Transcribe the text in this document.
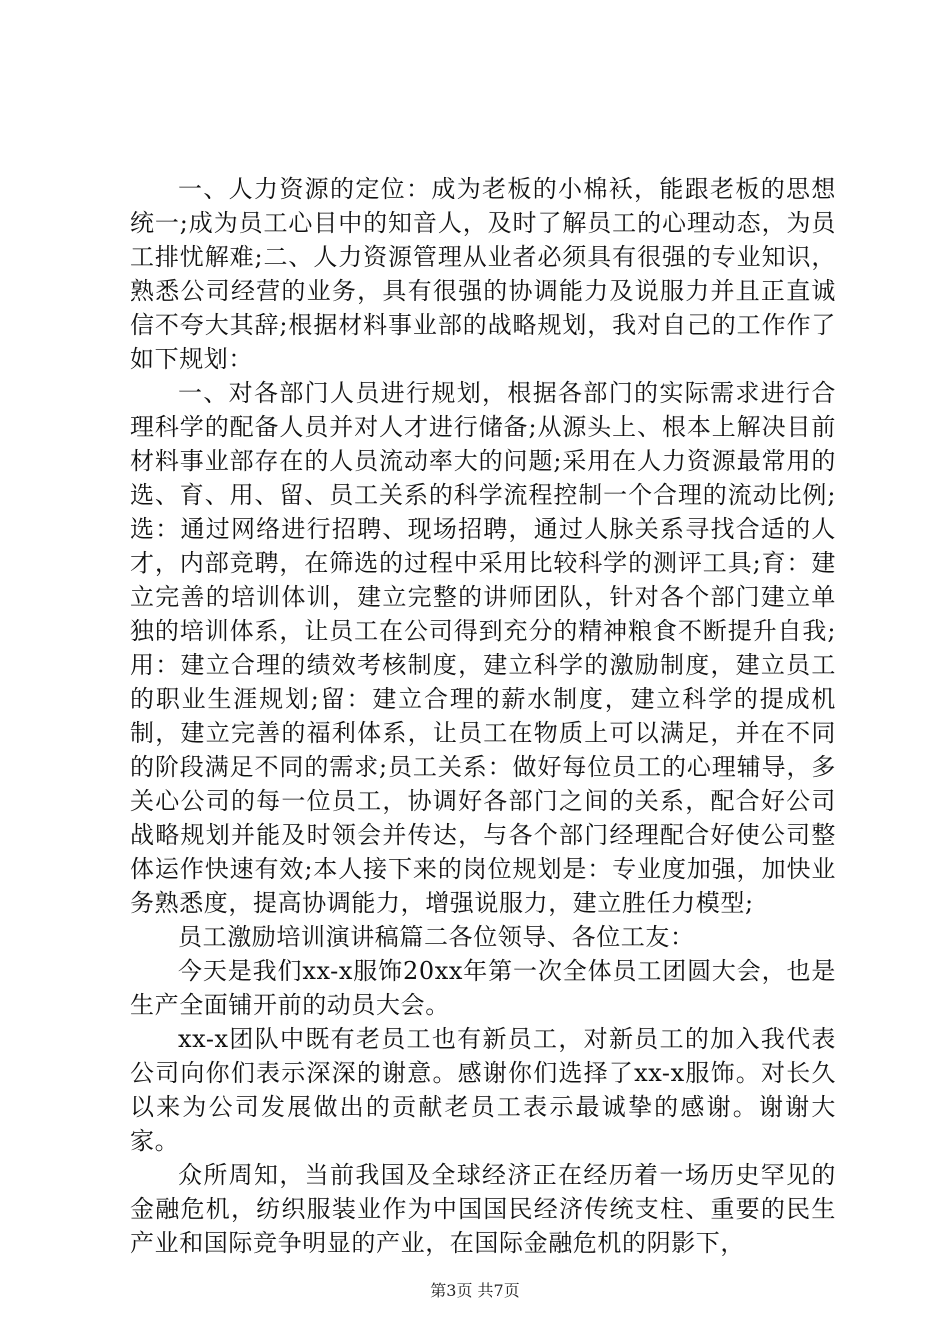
一、人力资源的定位：成为老板的小棉袄，能跟老板的思想统一;成为员工心目中的知音人，及时了解员工的心理动态，为员工排忧解难;二、人力资源管理从业者必须具有很强的专业知识，熟悉公司经营的业务，具有很强的协调能力及说服力并且正直诚信不夸大其辞;根据材料事业部的战略规划，我对自己的工作作了如下规划：

一、对各部门人员进行规划，根据各部门的实际需求进行合理科学的配备人员并对人才进行储备;从源头上、根本上解决目前材料事业部存在的人员流动率大的问题;采用在人力资源最常用的选、育、用、留、员工关系的科学流程控制一个合理的流动比例;选：通过网络进行招聘、现场招聘，通过人脉关系寻找合适的人才，内部竞聘，在筛选的过程中采用比较科学的测评工具;育：建立完善的培训体训，建立完整的讲师团队，针对各个部门建立单独的培训体系，让员工在公司得到充分的精神粮食不断提升自我;用：建立合理的绩效考核制度，建立科学的激励制度，建立员工的职业生涯规划;留：建立合理的薪水制度，建立科学的提成机制，建立完善的福利体系，让员工在物质上可以满足，并在不同的阶段满足不同的需求;员工关系：做好每位员工的心理辅导，多关心公司的每一位员工，协调好各部门之间的关系，配合好公司战略规划并能及时领会并传达，与各个部门经理配合好使公司整体运作快速有效;本人接下来的岗位规划是：专业度加强，加快业务熟悉度，提高协调能力，增强说服力，建立胜任力模型;

员工激励培训演讲稿篇二各位领导、各位工友：

今天是我们xx-x服饰20xx年第一次全体员工团圆大会，也是生产全面铺开前的动员大会。

xx-x团队中既有老员工也有新员工，对新员工的加入我代表公司向你们表示深深的谢意。感谢你们选择了xx-x服饰。对长久以来为公司发展做出的贡献老员工表示最诚挚的感谢。谢谢大家。

众所周知，当前我国及全球经济正在经历着一场历史罕见的金融危机，纺织服装业作为中国国民经济传统支柱、重要的民生产业和国际竞争明显的产业，在国际金融危机的阴影下，

第3页 共7页
